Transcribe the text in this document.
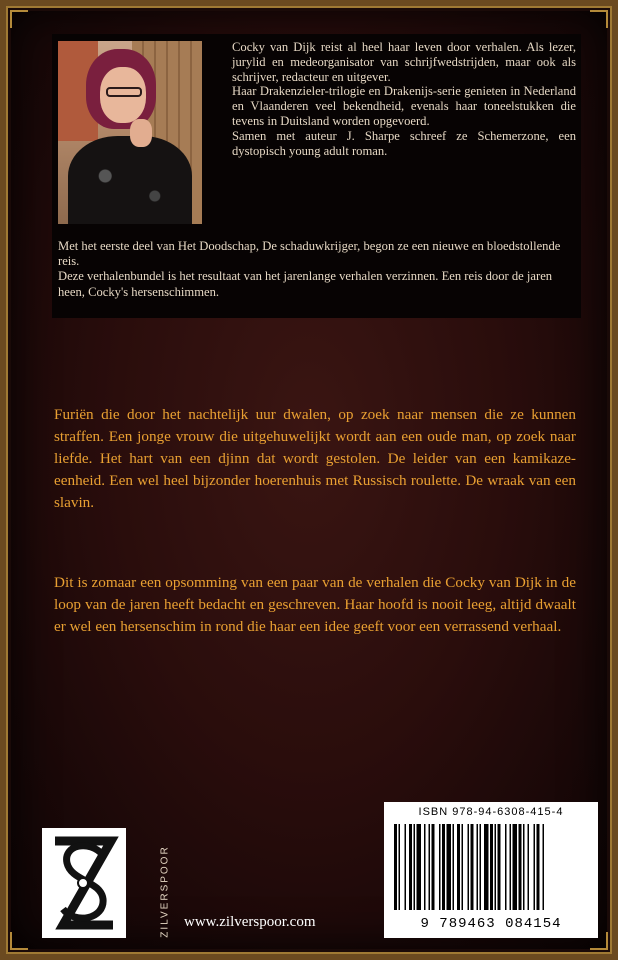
Cocky van Dijk reist al heel haar leven door verhalen. Als lezer, jurylid en medeorganisator van schrijfwedstrijden, maar ook als schrijver, redacteur en uitgever.

Haar Drakenzieler-trilogie en Drakenijs-serie genieten in Nederland en Vlaanderen veel bekendheid, evenals haar toneelstukken die tevens in Duitsland worden opgevoerd.

Samen met auteur J. Sharpe schreef ze Schemerzone, een dystopisch young adult roman.

Met het eerste deel van Het Doodschap, De schaduwkrijger, begon ze een nieuwe en bloedstollende reis.

Deze verhalenbundel is het resultaat van het jarenlange verhalen verzinnen. Een reis door de jaren heen, Cocky's hersenschimmen.

Furiën die door het nachtelijk uur dwalen, op zoek naar mensen die ze kunnen straffen. Een jonge vrouw die uitgehuwelijkt wordt aan een oude man, op zoek naar liefde. Het hart van een djinn dat wordt gestolen. De leider van een kamikaze-eenheid. Een wel heel bijzonder hoerenhuis met Russisch roulette. De wraak van een slavin.

Dit is zomaar een opsomming van een paar van de verhalen die Cocky van Dijk in de loop van de jaren heeft bedacht en geschreven. Haar hoofd is nooit leeg, altijd dwaalt er wel een hersenschim in rond die haar een idee geeft voor een verrassend verhaal.

ZILVERSPOOR www.zilverspoor.com
ISBN 978-94-6308-415-4
9 789463 084154
